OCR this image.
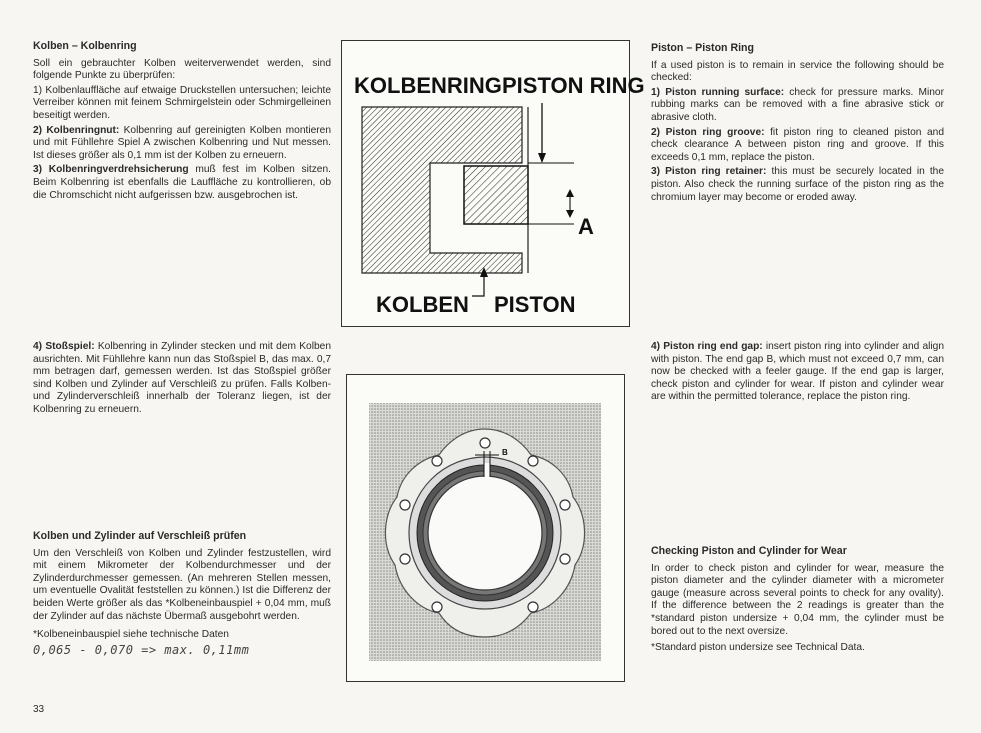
Kolben – Kolbenring

Soll ein gebrauchter Kolben weiterverwendet werden, sind folgende Punkte zu überprüfen:

1) Kolbenlauffläche auf etwaige Druckstellen untersuchen; leichte Verreiber können mit feinem Schmirgelstein oder Schmirgelleinen beseitigt werden.

2) Kolbenringnut: Kolbenring auf gereinigten Kolben montieren und mit Fühllehre Spiel A zwischen Kolbenring und Nut messen. Ist dieses größer als 0,1 mm ist der Kolben zu erneuern.

3) Kolbenringverdrehsicherung muß fest im Kolben sitzen. Beim Kolbenring ist ebenfalls die Lauffläche zu kontrollieren, ob die Chromschicht nicht aufgerissen bzw. ausgebrochen ist.

4) Stoßspiel: Kolbenring in Zylinder stecken und mit dem Kolben ausrichten. Mit Fühllehre kann nun das Stoßspiel B, das max. 0,7 mm betragen darf, gemessen werden. Ist das Stoßspiel größer sind Kolben und Zylinder auf Verschleiß zu prüfen. Falls Kolben- und Zylinderverschleiß innerhalb der Toleranz liegen, ist der Kolbenring zu erneuern.

Kolben und Zylinder auf Verschleiß prüfen

Um den Verschleiß von Kolben und Zylinder festzustellen, wird mit einem Mikrometer der Kolbendurchmesser und der Zylinderdurchmesser gemessen. (An mehreren Stellen messen, um eventuelle Ovalität feststellen zu können.) Ist die Differenz der beiden Werte größer als das *Kolbeneinbauspiel + 0,04 mm, muß der Zylinder auf das nächste Übermaß ausgebohrt werden.

*Kolbeneinbauspiel siehe technische Daten

0,065 - 0,070 => max. 0,11mm

33

Piston – Piston Ring

If a used piston is to remain in service the following should be checked:

1) Piston running surface: check for pressure marks. Minor rubbing marks can be removed with a fine abrasive stick or abrasive cloth.

2) Piston ring groove: fit piston ring to cleaned piston and check clearance A between piston ring and groove. If this exceeds 0,1 mm, replace the piston.

3) Piston ring retainer: this must be securely located in the piston. Also check the running surface of the piston ring as the chromium layer may become or eroded away.

4) Piston ring end gap: insert piston ring into cylinder and align with piston. The end gap B, which must not exceed 0,7 mm, can now be checked with a feeler gauge. If the end gap is larger, check piston and cylinder for wear. If piston and cylinder wear are within the permitted tolerance, replace the piston ring.

Checking Piston and Cylinder for Wear

In order to check piston and cylinder for wear, measure the piston diameter and the cylinder diameter with a micrometer gauge (measure across several points to check for any ovality). If the difference between the 2 readings is greater than the *standard piston undersize + 0,04 mm, the cylinder must be bored out to the next oversize.

*Standard piston undersize see Technical Data.

KOLBENRING PISTON RING
A
KOLBEN PISTON
B
